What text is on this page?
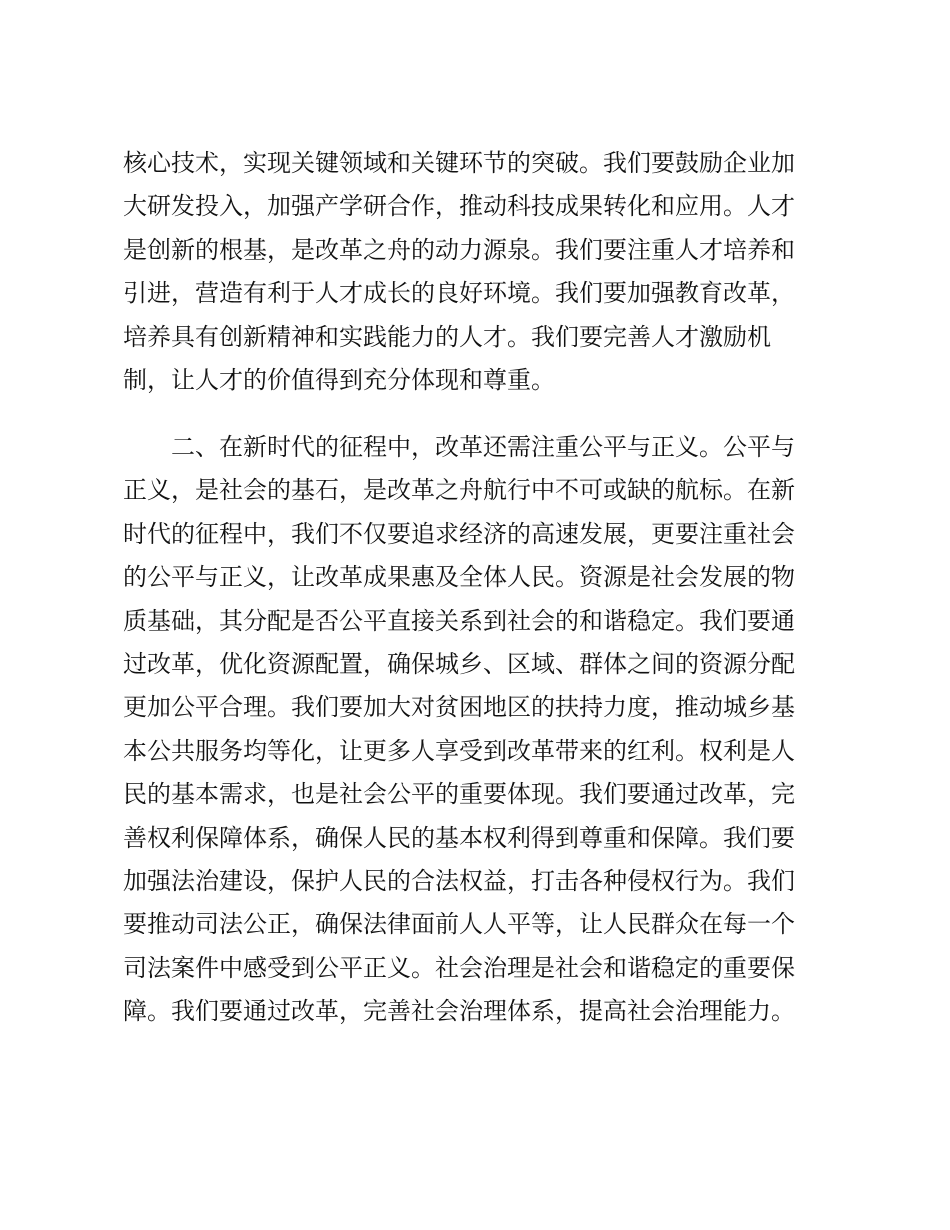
核心技术，实现关键领域和关键环节的突破。我们要鼓励企业加
大研发投入，加强产学研合作，推动科技成果转化和应用。人才
是创新的根基，是改革之舟的动力源泉。我们要注重人才培养和
引进，营造有利于人才成长的良好环境。我们要加强教育改革，
培养具有创新精神和实践能力的人才。我们要完善人才激励机
制，让人才的价值得到充分体现和尊重。
　　二、在新时代的征程中，改革还需注重公平与正义。公平与
正义，是社会的基石，是改革之舟航行中不可或缺的航标。在新
时代的征程中，我们不仅要追求经济的高速发展，更要注重社会
的公平与正义，让改革成果惠及全体人民。资源是社会发展的物
质基础，其分配是否公平直接关系到社会的和谐稳定。我们要通
过改革，优化资源配置，确保城乡、区域、群体之间的资源分配
更加公平合理。我们要加大对贫困地区的扶持力度，推动城乡基
本公共服务均等化，让更多人享受到改革带来的红利。权利是人
民的基本需求，也是社会公平的重要体现。我们要通过改革，完
善权利保障体系，确保人民的基本权利得到尊重和保障。我们要
加强法治建设，保护人民的合法权益，打击各种侵权行为。我们
要推动司法公正，确保法律面前人人平等，让人民群众在每一个
司法案件中感受到公平正义。社会治理是社会和谐稳定的重要保
障。我们要通过改革，完善社会治理体系，提高社会治理能力。
